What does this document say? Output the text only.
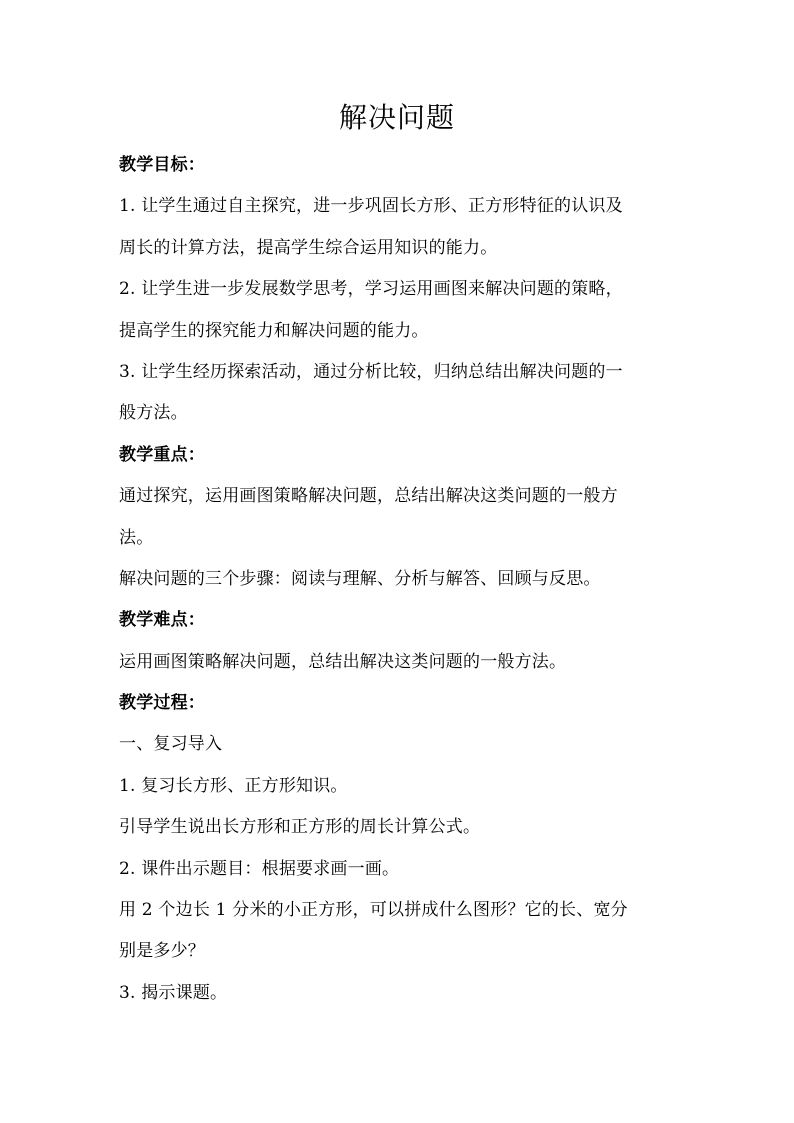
解决问题
教学目标：
1. 让学生通过自主探究，进一步巩固长方形、正方形特征的认识及
周长的计算方法，提高学生综合运用知识的能力。
2. 让学生进一步发展数学思考，学习运用画图来解决问题的策略，
提高学生的探究能力和解决问题的能力。
3. 让学生经历探索活动，通过分析比较，归纳总结出解决问题的一
般方法。
教学重点：
通过探究，运用画图策略解决问题，总结出解决这类问题的一般方
法。
解决问题的三个步骤：阅读与理解、分析与解答、回顾与反思。
教学难点：
运用画图策略解决问题，总结出解决这类问题的一般方法。
教学过程：
一、复习导入
1. 复习长方形、正方形知识。
引导学生说出长方形和正方形的周长计算公式。
2. 课件出示题目：根据要求画一画。
用 2 个边长 1 分米的小正方形，可以拼成什么图形？它的长、宽分
别是多少？
3. 揭示课题。
